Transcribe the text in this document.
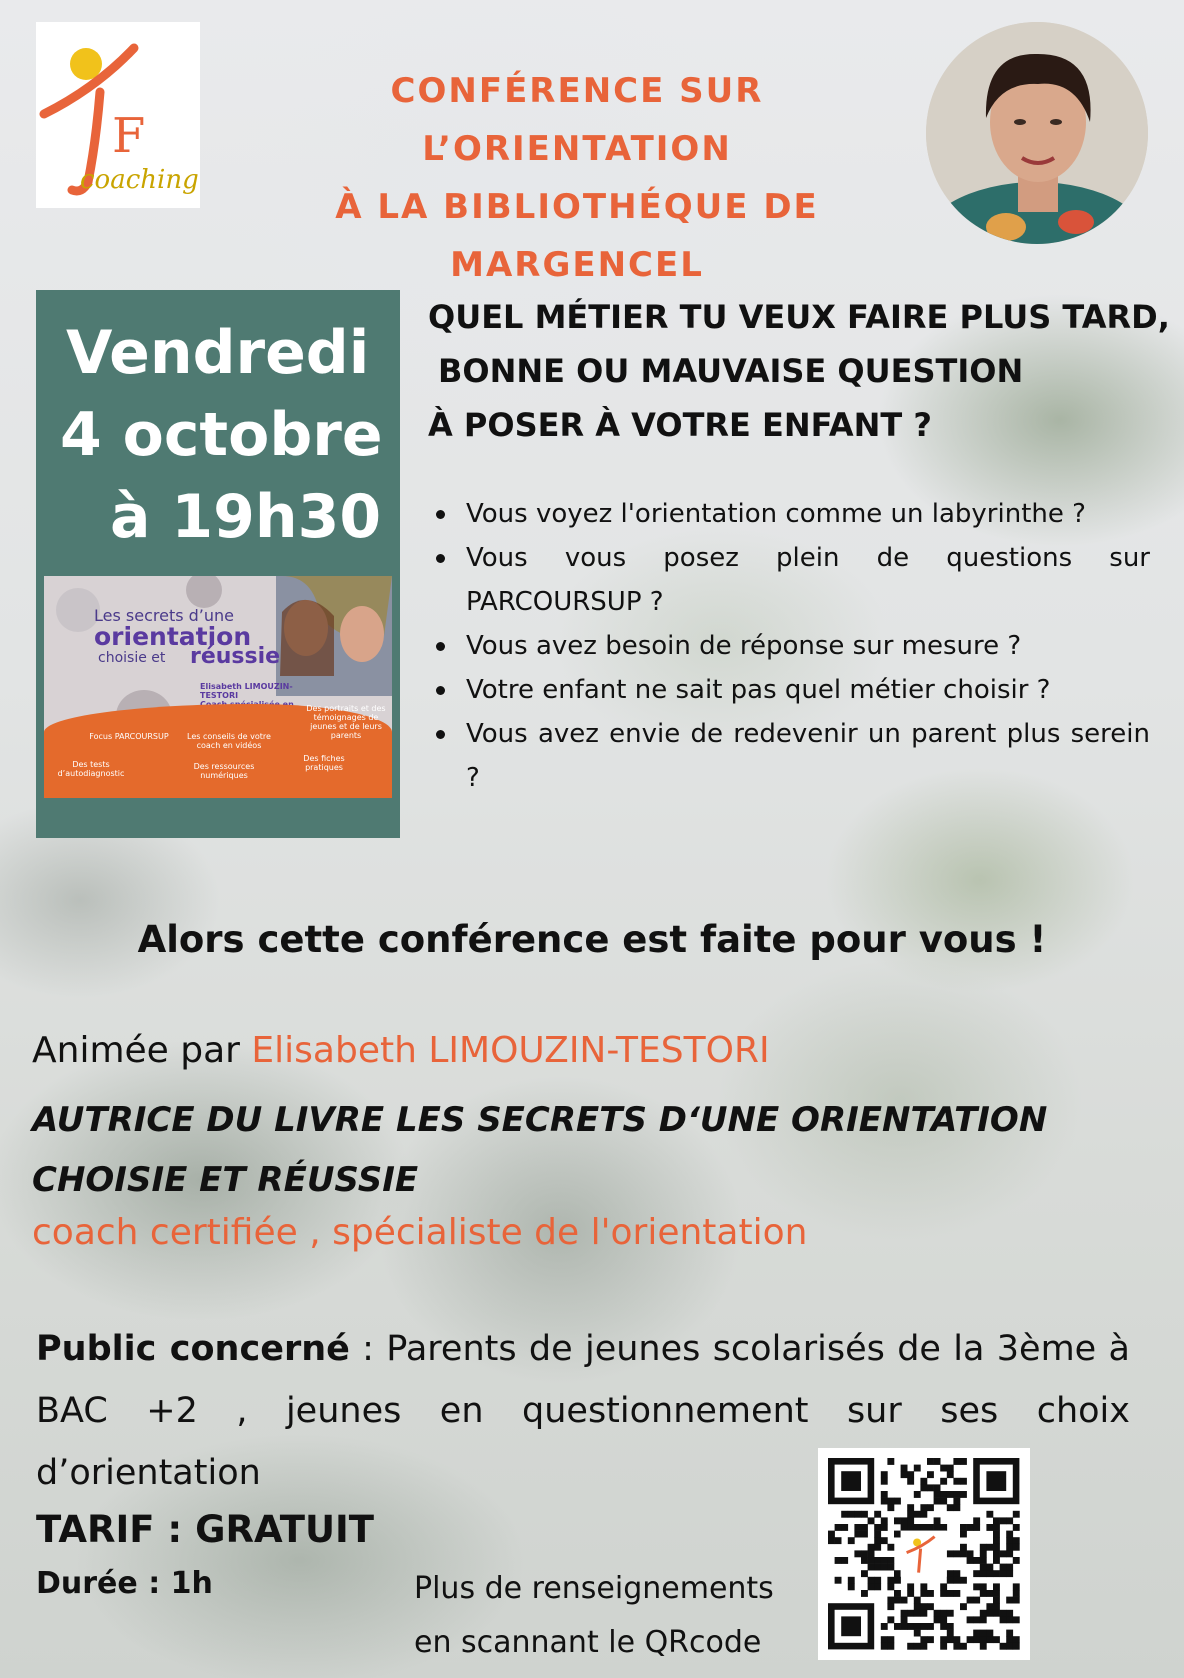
F
coaching
CONFÉRENCE SUR L’ORIENTATION
À LA BIBLIOTHÉQUE DE MARGENCEL
Vendredi
4 octobre
à 19h30
Les secrets d’une
orientation
choisie et réussie
Elisabeth LIMOUZIN-TESTORI

Focus PARCOURSUP	Les conseils de votre coach en vidéos
Des portraits et des témoignages de jeunes et de leurs parents
Des tests d’autodiagnostic
Des ressources numériques
Des fiches pratiques
QUEL MÉTIER TU VEUX FAIRE PLUS TARD,
BONNE OU MAUVAISE QUESTION
À POSER À VOTRE ENFANT ?
Vous voyez l'orientation comme un labyrinthe ?
Vous vous posez plein de questions sur PARCOURSUP ?
Vous avez besoin de réponse sur mesure ?
Votre enfant ne sait pas quel métier choisir ?
Vous avez envie de redevenir un parent plus serein ?
Alors cette conférence est faite pour vous !
Animée par Elisabeth LIMOUZIN-TESTORI
AUTRICE DU LIVRE LES SECRETS D‘UNE ORIENTATION
CHOISIE ET RÉUSSIE
coach certifiée , spécialiste de l'orientation
Public concerné : Parents de jeunes scolarisés de la 3ème à BAC +2 , jeunes en questionnement sur ses choix d’orientation
TARIF : GRATUIT
Durée : 1h	Plus de renseignements
en scannant le QRcode
